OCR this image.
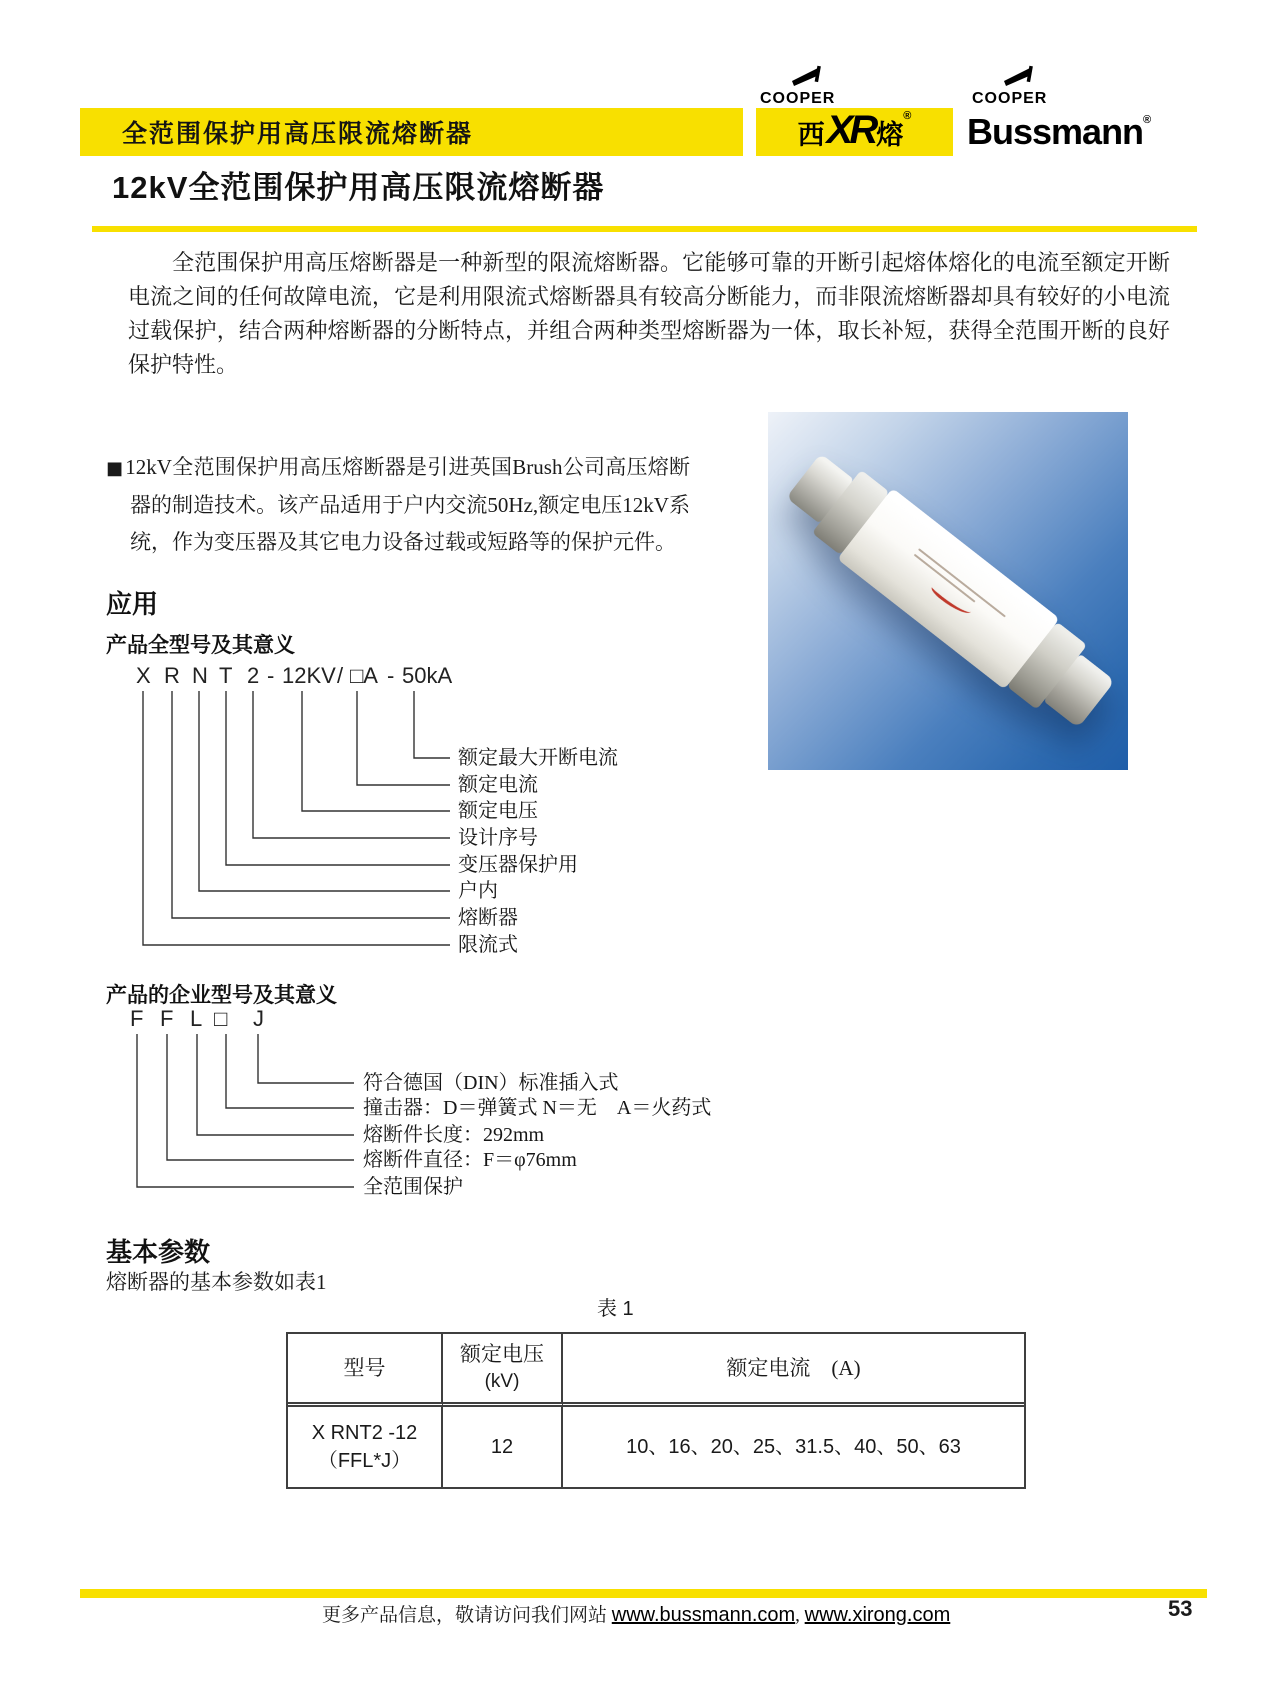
全范围保护用高压限流熔断器
COOPER
西 XR 熔
®
COOPER
Bussmann ®
12kV全范围保护用高压限流熔断器

全范围保护用高压熔断器是一种新型的限流熔断器。它能够可靠的开断引起熔体熔化的电流至额定开断电流之间的任何故障电流，它是利用限流式熔断器具有较高分断能力，而非限流熔断器却具有较好的小电流过载保护，结合两种熔断器的分断特点，并组合两种类型熔断器为一体，取长补短，获得全范围开断的良好保护特性。

■12kV全范围保护用高压熔断器是引进英国Brush公司高压熔断器的制造技术。该产品适用于户内交流50Hz,额定电压12kV系统，作为变压器及其它电力设备过载或短路等的保护元件。
应用
产品全型号及其意义
X R N T 2 - 12KV / □A - 50kA
额定最大开断电流
额定电流
额定电压
设计序号
变压器保护用
户内
熔断器
限流式
产品的企业型号及其意义
F F L □ J
符合德国（DIN）标准插入式
撞击器：D＝弹簧式 N＝无　A＝火药式
熔断件长度：292mm
熔断件直径：F＝φ76mm
全范围保护
基本参数

熔断器的基本参数如表1

表 1

型号
额定电压
(kV)
额定电流　(A)
X RNT2 -12
（FFL*J）
12	10、16、20、25、31.5、40、50、63
更多产品信息，敬请访问我们网站 www.bussmann.com, www.xirong.com	53
